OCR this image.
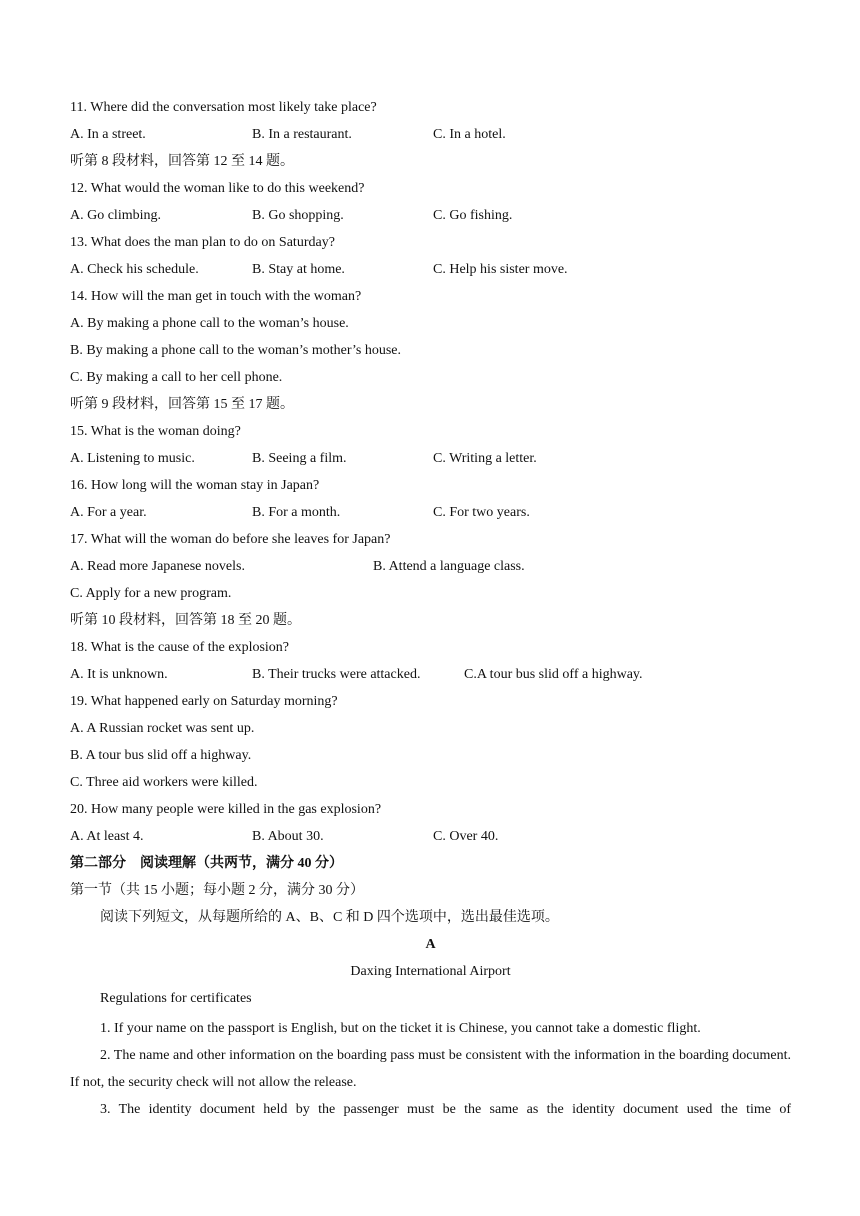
11. Where did the conversation most likely take place?
A. In a street.	B. In a restaurant.	C. In a hotel.
听第 8 段材料，回答第 12 至 14 题。
12. What would the woman like to do this weekend?
A. Go climbing.	B. Go shopping.	C. Go fishing.
13. What does the man plan to do on Saturday?
A. Check his schedule.	B. Stay at home.	C. Help his sister move.
14. How will the man get in touch with the woman?
A. By making a phone call to the woman’s house.
B. By making a phone call to the woman’s mother’s house.
C. By making a call to her cell phone.
听第 9 段材料，回答第 15 至 17 题。
15. What is the woman doing?
A. Listening to music.	B. Seeing a film.	C. Writing a letter.
16. How long will the woman stay in Japan?
A. For a year.	B. For a month.	C. For two years.
17. What will the woman do before she leaves for Japan?
A. Read more Japanese novels.	B. Attend a language class.
C. Apply for a new program.
听第 10 段材料，回答第 18 至 20 题。
18. What is the cause of the explosion?
A. It is unknown.	B. Their trucks were attacked.	C.A tour bus slid off a highway.
19. What happened early on Saturday morning?
A. A Russian rocket was sent up.
B. A tour bus slid off a highway.
C. Three aid workers were killed.
20. How many people were killed in the gas explosion?
A. At least 4.	B. About 30.	C. Over 40.
第二部分　阅读理解（共两节，满分 40 分）
第一节（共 15 小题；每小题 2 分，满分 30 分）
阅读下列短文，从每题所给的 A、B、C 和 D 四个选项中，选出最佳选项。
A
Daxing International Airport
Regulations for certificates
1. If your name on the passport is English, but on the ticket it is Chinese, you cannot take a domestic flight.
2. The name and other information on the boarding pass must be consistent with the information in the boarding document. If not, the security check will not allow the release.
3. The identity document held by the passenger must be the same as the identity document used the time of
